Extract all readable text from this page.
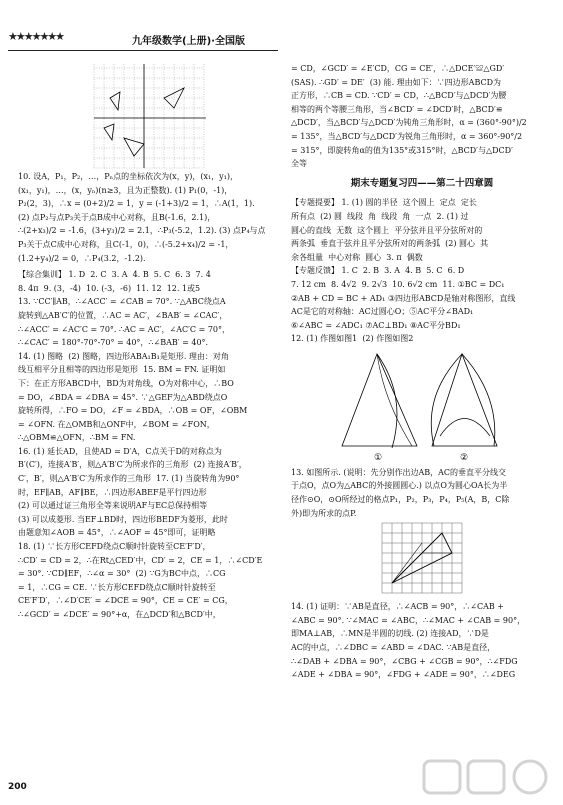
★★★★★★★	九年级数学(上册)·全国版

10. 设A，P₁，P₂，…，Pₙ点的坐标依次为(x，y)，(x₁，y₁)，

(x₁，y₁)，…，(x，yₙ)(n≥3，且为正整数). (1) P₁(0，-1)，

P₂(2，3)，∴x = (0+2)/2 = 1，y = (-1+3)/2 = 1，∴A(1，1).

(2) 点P₂与点P₃关于点B成中心对称，且B(-1.6，2.1)，

∴(2+x₃)/2 = -1.6，(3+y₃)/2 = 2.1，∴P₃(-5.2，1.2). (3) 点P₄与点

P₃关于点C成中心对称，且C(-1，0)，∴(-5.2+x₄)/2 = -1，

(1.2+y₄)/2 = 0，∴P₄(3.2，-1.2).

【综合集训】 1. D  2. C  3. A  4. B  5. C  6. 3  7. 4

8. 4π  9. (3，-4)  10. (-3，-6)  11. 12  12. 1或5

13. ∵CC′∥AB，∴∠ACC′ = ∠CAB = 70°. ∵△ABC绕点A

旋转到△AB′C′的位置，∴AC = AC′，∠BAB′ = ∠CAC′，

∴∠ACC′ = ∠AC′C = 70°. ∴AC = AC′，∠AC′C = 70°，

∴∠CAC′ = 180°-70°-70° = 40°，∴∠BAB′ = 40°.

14. (1) 图略  (2) 图略，四边形ABA₁B₁是矩形. 理由：对角

线互相平分且相等的四边形是矩形  15. BM = FN. 证明如

下：在正方形ABCD中，BD为对角线，O为对称中心，∴BO

= DO，∠BDA = ∠DBA = 45°. ∵△GEF为△ABD绕点O

旋转所得，∴FO = DO，∠F = ∠BDA，∴OB = OF，∠OBM

= ∠OFN. 在△OMB和△ONF中，∠BOM = ∠FON，

∴△OBM≌△OFN，∴BM = FN.

16. (1) 延长AD，且使AD = D′A，C点关于D的对称点为

B′(C′)，连接A′B′，则△A′B′C′为所求作的三角形  (2) 连接A′B′，

C′，B′，则△A′B′C′为所求作的三角形  17. (1) 当旋转角为90°

时，EF∥AB，AF∥BE，∴四边形ABEF是平行四边形

(2) 可以通过证三角形全等来说明AF与EC总保持相等

(3) 可以成菱形. 当EF⊥BD时，四边形BEDF为菱形，此时

由题意知∠AOB = 45°，∴∠AOF = 45°即可，证明略

18. (1) ∵长方形CEFD绕点C顺时针旋转至CE′F′D′，

∴CD′ = CD = 2，∴在Rt△CED′中，CD′ = 2，CE = 1，∴∠CD′E

= 30°. ∵CD∥EF，∴∠α = 30°  (2) ∵G为BC中点，∴CG

= 1，∴CG = CE. ∵长方形CEFD绕点C顺时针旋转至

CE′F′D′，∴∠D′CE′ = ∠DCE = 90°，CE = CE′ = CG，

∴∠GCD′ = ∠DCE′ = 90°+α，在△DCD′和△BCD′中，

= CD，∠GCD′ = ∠E′CD，CG = CE′，∴△DCE′≌△GD′

(SAS). ∴GD′ = DE′  (3) 能. 理由如下：∵四边形ABCD为

正方形，∴CB = CD. ∵CD′ = CD，∴△BCD′与△DCD′为腰

相等的两个等腰三角形，当∠BCD′ = ∠DCD′时，△BCD′≌

△DCD′，当△BCD′与△DCD′为钝角三角形时，α = (360°-90°)/2

= 135°，当△BCD′与△DCD′为锐角三角形时，α = 360°-90°/2

= 315°，即旋转角α的值为135°或315°时，△BCD′与△DCD′

全等

期末专题复习四——第二十四章圆

【专题提要】 1. (1) 圆的半径  这个圆上  定点  定长

所有点  (2) 圆  线段  角  线段  角  一点  2. (1) 过

圆心的直线  无数  这个圆上  平分弦并且平分弦所对的

两条弧  垂直于弦并且平分弦所对的两条弧  (2) 圆心  其

余各组量  中心对称  圆心  3. π  偶数

【专题反馈】 1. C  2. B  3. A  4. B  5. C  6. D

7. 12 cm  8. 4√2  9. 2√3  10. 6√2 cm  11. ①BC = DC₁

②AB + CD = BC + AD₁ ③四边形ABCD是轴对称图形，直线

AC是它的对称轴：AC过圆心O；⑤AC平分∠BAD₁

⑥∠ABC = ∠ADC₁ ⑦AC⊥BD₁ ⑧AC平分BD₁

12. (1) 作图如图1  (2) 作图如图2

①	②

13. 如图所示. (说明：先分别作出边AB，AC的垂直平分线交

于点O，点O为△ABC的外接圆圆心.) 以点O为圆心OA长为半

径作⊙O，⊙O所经过的格点P₁，P₂，P₃，P₄，P₅(A，B，C除

外)即为所求的点P.

14. (1) 证明：∵AB是直径，∴∠ACB = 90°，∴∠CAB +

∠ABC = 90°. ∵∠MAC = ∠ABC，∴∠MAC + ∠CAB = 90°，

即MA⊥AB，∴MN是半圆的切线. (2) 连接AD，∵D是

AC的中点，∴∠DBC = ∠ABD = ∠DAC. ∵AB是直径，

∴∠DAB + ∠DBA = 90°，∠CBG + ∠CGB = 90°，∴∠FDG

∠ADE + ∠DBA = 90°，∠FDG + ∠ADE = 90°，∴∠DEG

200
